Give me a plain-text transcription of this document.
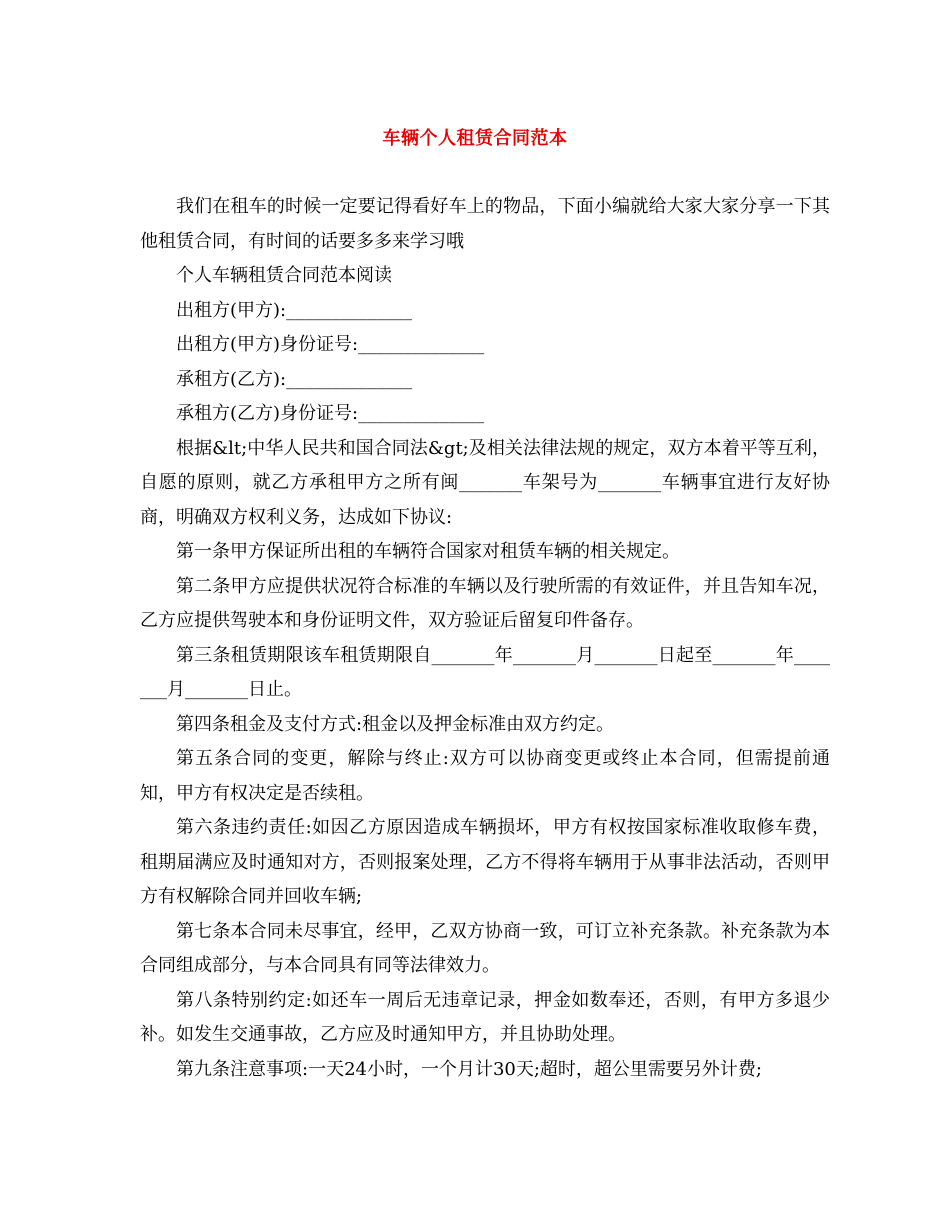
车辆个人租赁合同范本

我们在租车的时候一定要记得看好车上的物品，下面小编就给大家大家分享一下其他租赁合同，有时间的话要多多来学习哦

个人车辆租赁合同范本阅读

出租方(甲方):______________

出租方(甲方)身份证号:______________

承租方(乙方):______________

承租方(乙方)身份证号:______________

根据&lt;中华人民共和国合同法&gt;及相关法律法规的规定，双方本着平等互利，自愿的原则，就乙方承租甲方之所有闽_______车架号为_______车辆事宜进行友好协商，明确双方权利义务，达成如下协议:

第一条甲方保证所出租的车辆符合国家对租赁车辆的相关规定。

第二条甲方应提供状况符合标准的车辆以及行驶所需的有效证件，并且告知车况，乙方应提供驾驶本和身份证明文件，双方验证后留复印件备存。

第三条租赁期限该车租赁期限自_______年_______月_______日起至_______年_______月_______日止。

第四条租金及支付方式:租金以及押金标准由双方约定。

第五条合同的变更，解除与终止:双方可以协商变更或终止本合同，但需提前通知，甲方有权决定是否续租。

第六条违约责任:如因乙方原因造成车辆损坏，甲方有权按国家标准收取修车费，租期届满应及时通知对方，否则报案处理，乙方不得将车辆用于从事非法活动，否则甲方有权解除合同并回收车辆;

第七条本合同未尽事宜，经甲，乙双方协商一致，可订立补充条款。补充条款为本合同组成部分，与本合同具有同等法律效力。

第八条特别约定:如还车一周后无违章记录，押金如数奉还，否则，有甲方多退少补。如发生交通事故，乙方应及时通知甲方，并且协助处理。

第九条注意事项:一天24小时，一个月计30天;超时，超公里需要另外计费;
